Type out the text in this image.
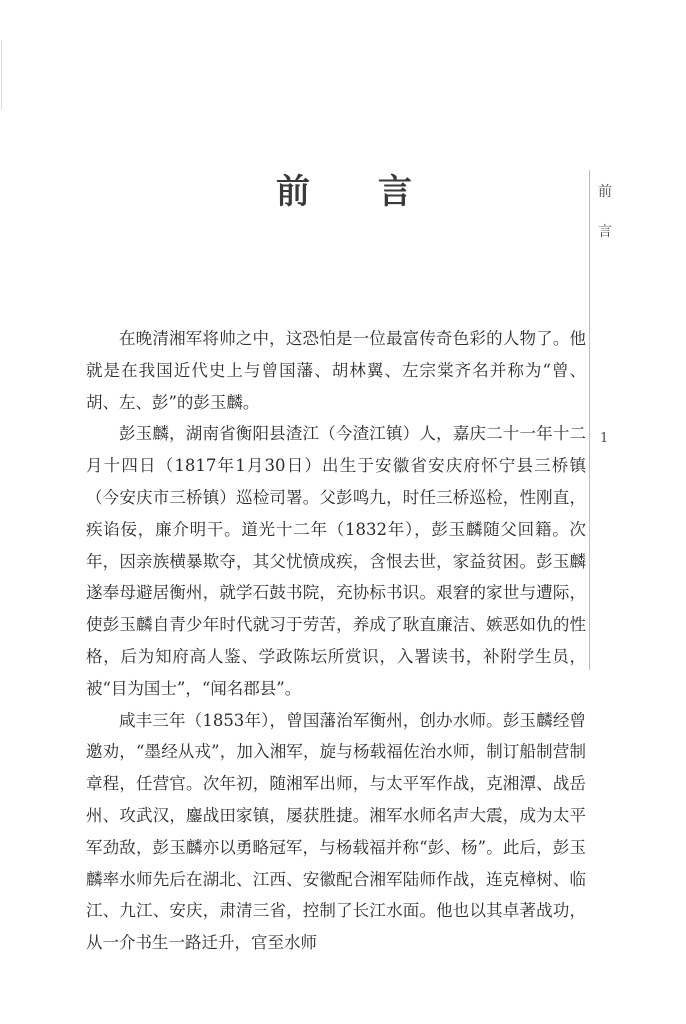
前 言	前
言
1

在晚清湘军将帅之中，这恐怕是一位最富传奇色彩的人物了。他就是在我国近代史上与曾国藩、胡林翼、左宗棠齐名并称为“曾、胡、左、彭”的彭玉麟。

彭玉麟，湖南省衡阳县渣江（今渣江镇）人，嘉庆二十一年十二月十四日（1817年1月30日）出生于安徽省安庆府怀宁县三桥镇（今安庆市三桥镇）巡检司署。父彭鸣九，时任三桥巡检，性刚直，疾谄佞，廉介明干。道光十二年（1832年），彭玉麟随父回籍。次年，因亲族横暴欺夺，其父忧愤成疾，含恨去世，家益贫困。彭玉麟遂奉母避居衡州，就学石鼓书院，充协标书识。艰窘的家世与遭际，使彭玉麟自青少年时代就习于劳苦，养成了耿直廉洁、嫉恶如仇的性格，后为知府高人鉴、学政陈坛所赏识，入署读书，补附学生员，被“目为国士”，“闻名郡县”。

咸丰三年（1853年），曾国藩治军衡州，创办水师。彭玉麟经曾邀劝，“墨经从戎”，加入湘军，旋与杨载福佐治水师，制订船制营制章程，任营官。次年初，随湘军出师，与太平军作战，克湘潭、战岳州、攻武汉，鏖战田家镇，屡获胜捷。湘军水师名声大震，成为太平军劲敌，彭玉麟亦以勇略冠军，与杨载福并称“彭、杨”。此后，彭玉麟率水师先后在湖北、江西、安徽配合湘军陆师作战，连克樟树、临江、九江、安庆，肃清三省，控制了长江水面。他也以其卓著战功，从一介书生一路迁升，官至水师
